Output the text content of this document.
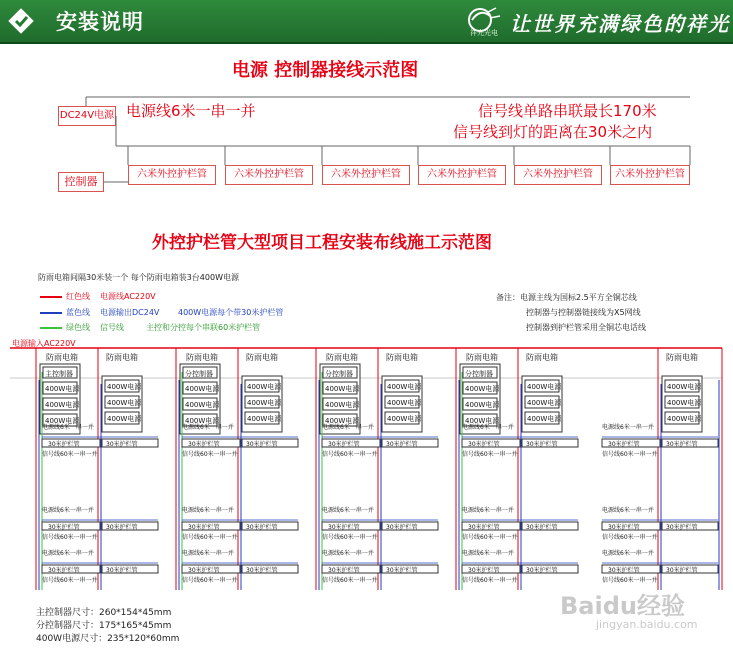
安装说明	祥光光电 让世界充满绿色的祥光
电源 控制器接线示范图
DC24V电源
控制器
电源线6米一串一并	信号线单路串联最长170米
信号线到灯的距离在30米之内
六米外控护栏管	六米外控护栏管	六米外控护栏管	六米外控护栏管	六米外控护栏管	六米外控护栏管
外控护栏管大型项目工程安装布线施工示范图
防雨电箱间隔30米装一个 每个防雨电箱装3台400W电源
红色线 电源线AC220V
蓝色线 电源输出DC24V 400W电源每个带30米护栏管
绿色线 信号线	主控和分控每个串联60米护栏管
备注：电源主线为国标2.5平方全铜芯线
控制器与控制器链接线为X5网线
控制器到护栏管采用全铜芯电话线
电源输入AC220V
防雨电箱
主控制器
400W电源
400W电源
400W电源
防雨电箱
400W电源
400W电源
400W电源
电源线6米一串一并
信号线60米一串一并
30米护栏管	30米护栏管
电源线6米一串一并
信号线60米一串一并
30米护栏管	30米护栏管
电源线6米一串一并
信号线60米一串一并
30米护栏管	30米护栏管
防雨电箱
分控制器
400W电源
400W电源
400W电源
防雨电箱
400W电源
400W电源
400W电源
电源线6米一串一并
信号线60米一串一并
30米护栏管	30米护栏管
电源线6米一串一并
信号线60米一串一并
30米护栏管	30米护栏管
电源线6米一串一并
信号线60米一串一并
30米护栏管	30米护栏管
防雨电箱
分控制器
400W电源
400W电源
400W电源
防雨电箱
400W电源
400W电源
400W电源
电源线6米一串一并
信号线60米一串一并
30米护栏管	30米护栏管
电源线6米一串一并
信号线60米一串一并
30米护栏管	30米护栏管
电源线6米一串一并
信号线60米一串一并
30米护栏管	30米护栏管
防雨电箱
分控制器
400W电源
400W电源
400W电源
防雨电箱
400W电源
400W电源
400W电源
电源线6米一串一并
信号线60米一串一并
30米护栏管	30米护栏管
电源线6米一串一并
信号线60米一串一并
30米护栏管	30米护栏管
电源线6米一串一并
信号线60米一串一并
30米护栏管	30米护栏管
防雨电箱
400W电源
400W电源
400W电源
电源线6米一串一并
信号线60米一串一并
30米护栏管	30米护栏管
电源线6米一串一并
信号线60米一串一并
30米护栏管	30米护栏管
电源线6米一串一并
信号线60米一串一并
30米护栏管	30米护栏管
主控制器尺寸：260*154*45mm
分控制器尺寸：175*165*45mm
400W电源尺寸：235*120*60mm
Baidu经验
jingyan.baidu.com
